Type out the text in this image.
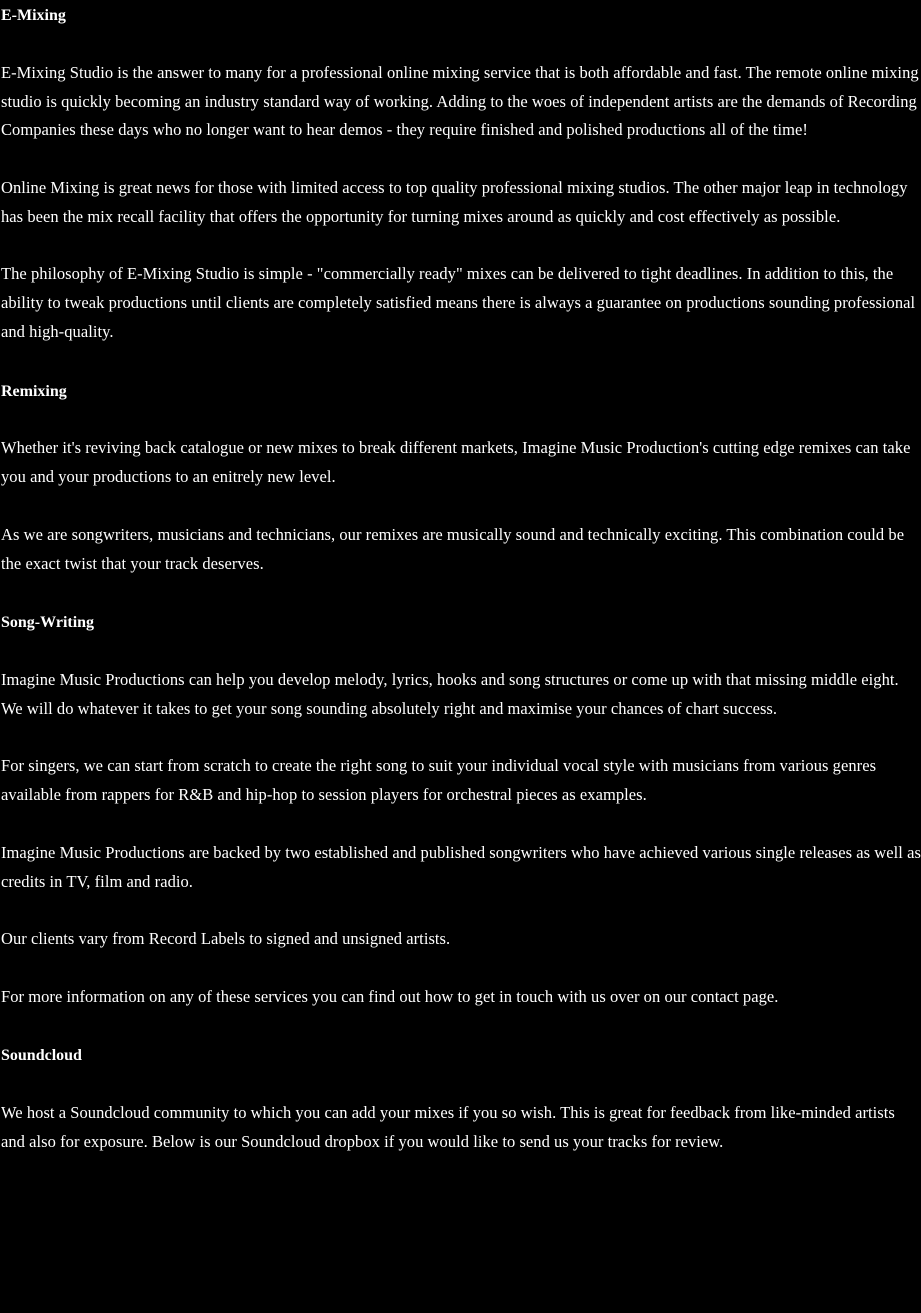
E-Mixing

E-Mixing Studio is the answer to many for a professional online mixing service that is both affordable and fast. The remote online mixing studio is quickly becoming an industry standard way of working. Adding to the woes of independent artists are the demands of Recording Companies these days who no longer want to hear demos - they require finished and polished productions all of the time!

Online Mixing is great news for those with limited access to top quality professional mixing studios. The other major leap in technology has been the mix recall facility that offers the opportunity for turning mixes around as quickly and cost effectively as possible.

The philosophy of E-Mixing Studio is simple - "commercially ready" mixes can be delivered to tight deadlines. In addition to this, the ability to tweak productions until clients are completely satisfied means there is always a guarantee on productions sounding professional and high-quality.

Remixing

Whether it's reviving back catalogue or new mixes to break different markets, Imagine Music Production's cutting edge remixes can take you and your productions to an enitrely new level.

As we are songwriters, musicians and technicians, our remixes are musically sound and technically exciting. This combination could be the exact twist that your track deserves.

Song-Writing

Imagine Music Productions can help you develop melody, lyrics, hooks and song structures or come up with that missing middle eight. We will do whatever it takes to get your song sounding absolutely right and maximise your chances of chart success.

For singers, we can start from scratch to create the right song to suit your individual vocal style with musicians from various genres available from rappers for R&B and hip-hop to session players for orchestral pieces as examples.

Imagine Music Productions are backed by two established and published songwriters who have achieved various single releases as well as credits in TV, film and radio.

Our clients vary from Record Labels to signed and unsigned artists.

For more information on any of these services you can find out how to get in touch with us over on our contact page.

Soundcloud

We host a Soundcloud community to which you can add your mixes if you so wish. This is great for feedback from like-minded artists and also for exposure. Below is our Soundcloud dropbox if you would like to send us your tracks for review.
